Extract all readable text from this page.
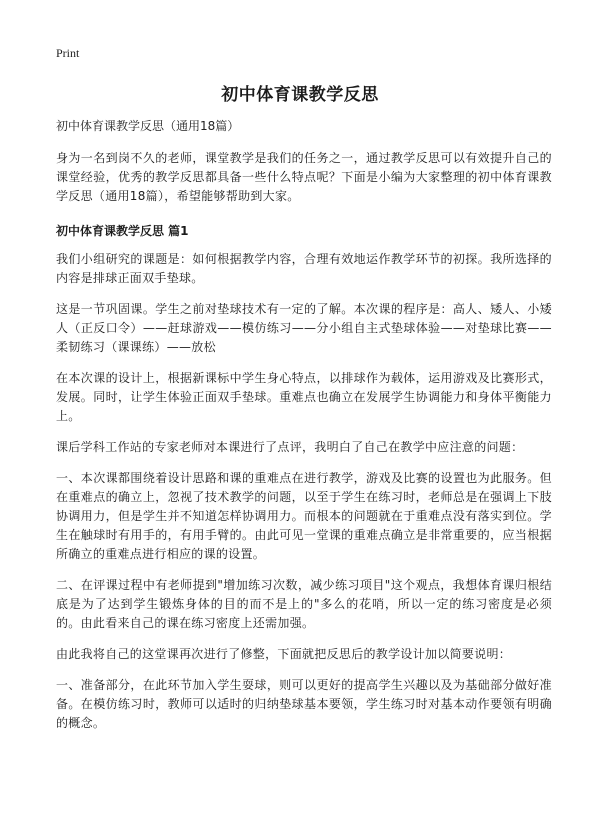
Print
初中体育课教学反思

初中体育课教学反思（通用18篇）

身为一名到岗不久的老师，课堂教学是我们的任务之一，通过教学反思可以有效提升自己的课堂经验，优秀的教学反思都具备一些什么特点呢？下面是小编为大家整理的初中体育课教学反思（通用18篇），希望能够帮助到大家。

初中体育课教学反思 篇1

我们小组研究的课题是：如何根据教学内容，合理有效地运作教学环节的初探。我所选择的内容是排球正面双手垫球。

这是一节巩固课。学生之前对垫球技术有一定的了解。本次课的程序是：高人、矮人、小矮人（正反口令）——赶球游戏——模仿练习——分小组自主式垫球体验——对垫球比赛——柔韧练习（课课练）——放松

在本次课的设计上，根据新课标中学生身心特点，以排球作为载体，运用游戏及比赛形式，发展。同时，让学生体验正面双手垫球。重难点也确立在发展学生协调能力和身体平衡能力上。

课后学科工作站的专家老师对本课进行了点评，我明白了自己在教学中应注意的问题：

一、本次课都围绕着设计思路和课的重难点在进行教学，游戏及比赛的设置也为此服务。但在重难点的确立上，忽视了技术教学的问题，以至于学生在练习时，老师总是在强调上下肢协调用力，但是学生并不知道怎样协调用力。而根本的问题就在于重难点没有落实到位。学生在触球时有用手的，有用手臂的。由此可见一堂课的重难点确立是非常重要的，应当根据所确立的重难点进行相应的课的设置。

二、在评课过程中有老师提到"增加练习次数，减少练习项目"这个观点，我想体育课归根结底是为了达到学生锻炼身体的目的而不是上的"多么的花哨，所以一定的练习密度是必须的。由此看来自己的课在练习密度上还需加强。

由此我将自己的这堂课再次进行了修整，下面就把反思后的教学设计加以简要说明：

一、准备部分，在此环节加入学生耍球，则可以更好的提高学生兴趣以及为基础部分做好准备。在模仿练习时，教师可以适时的归纳垫球基本要领，学生练习时对基本动作要领有明确的概念。
